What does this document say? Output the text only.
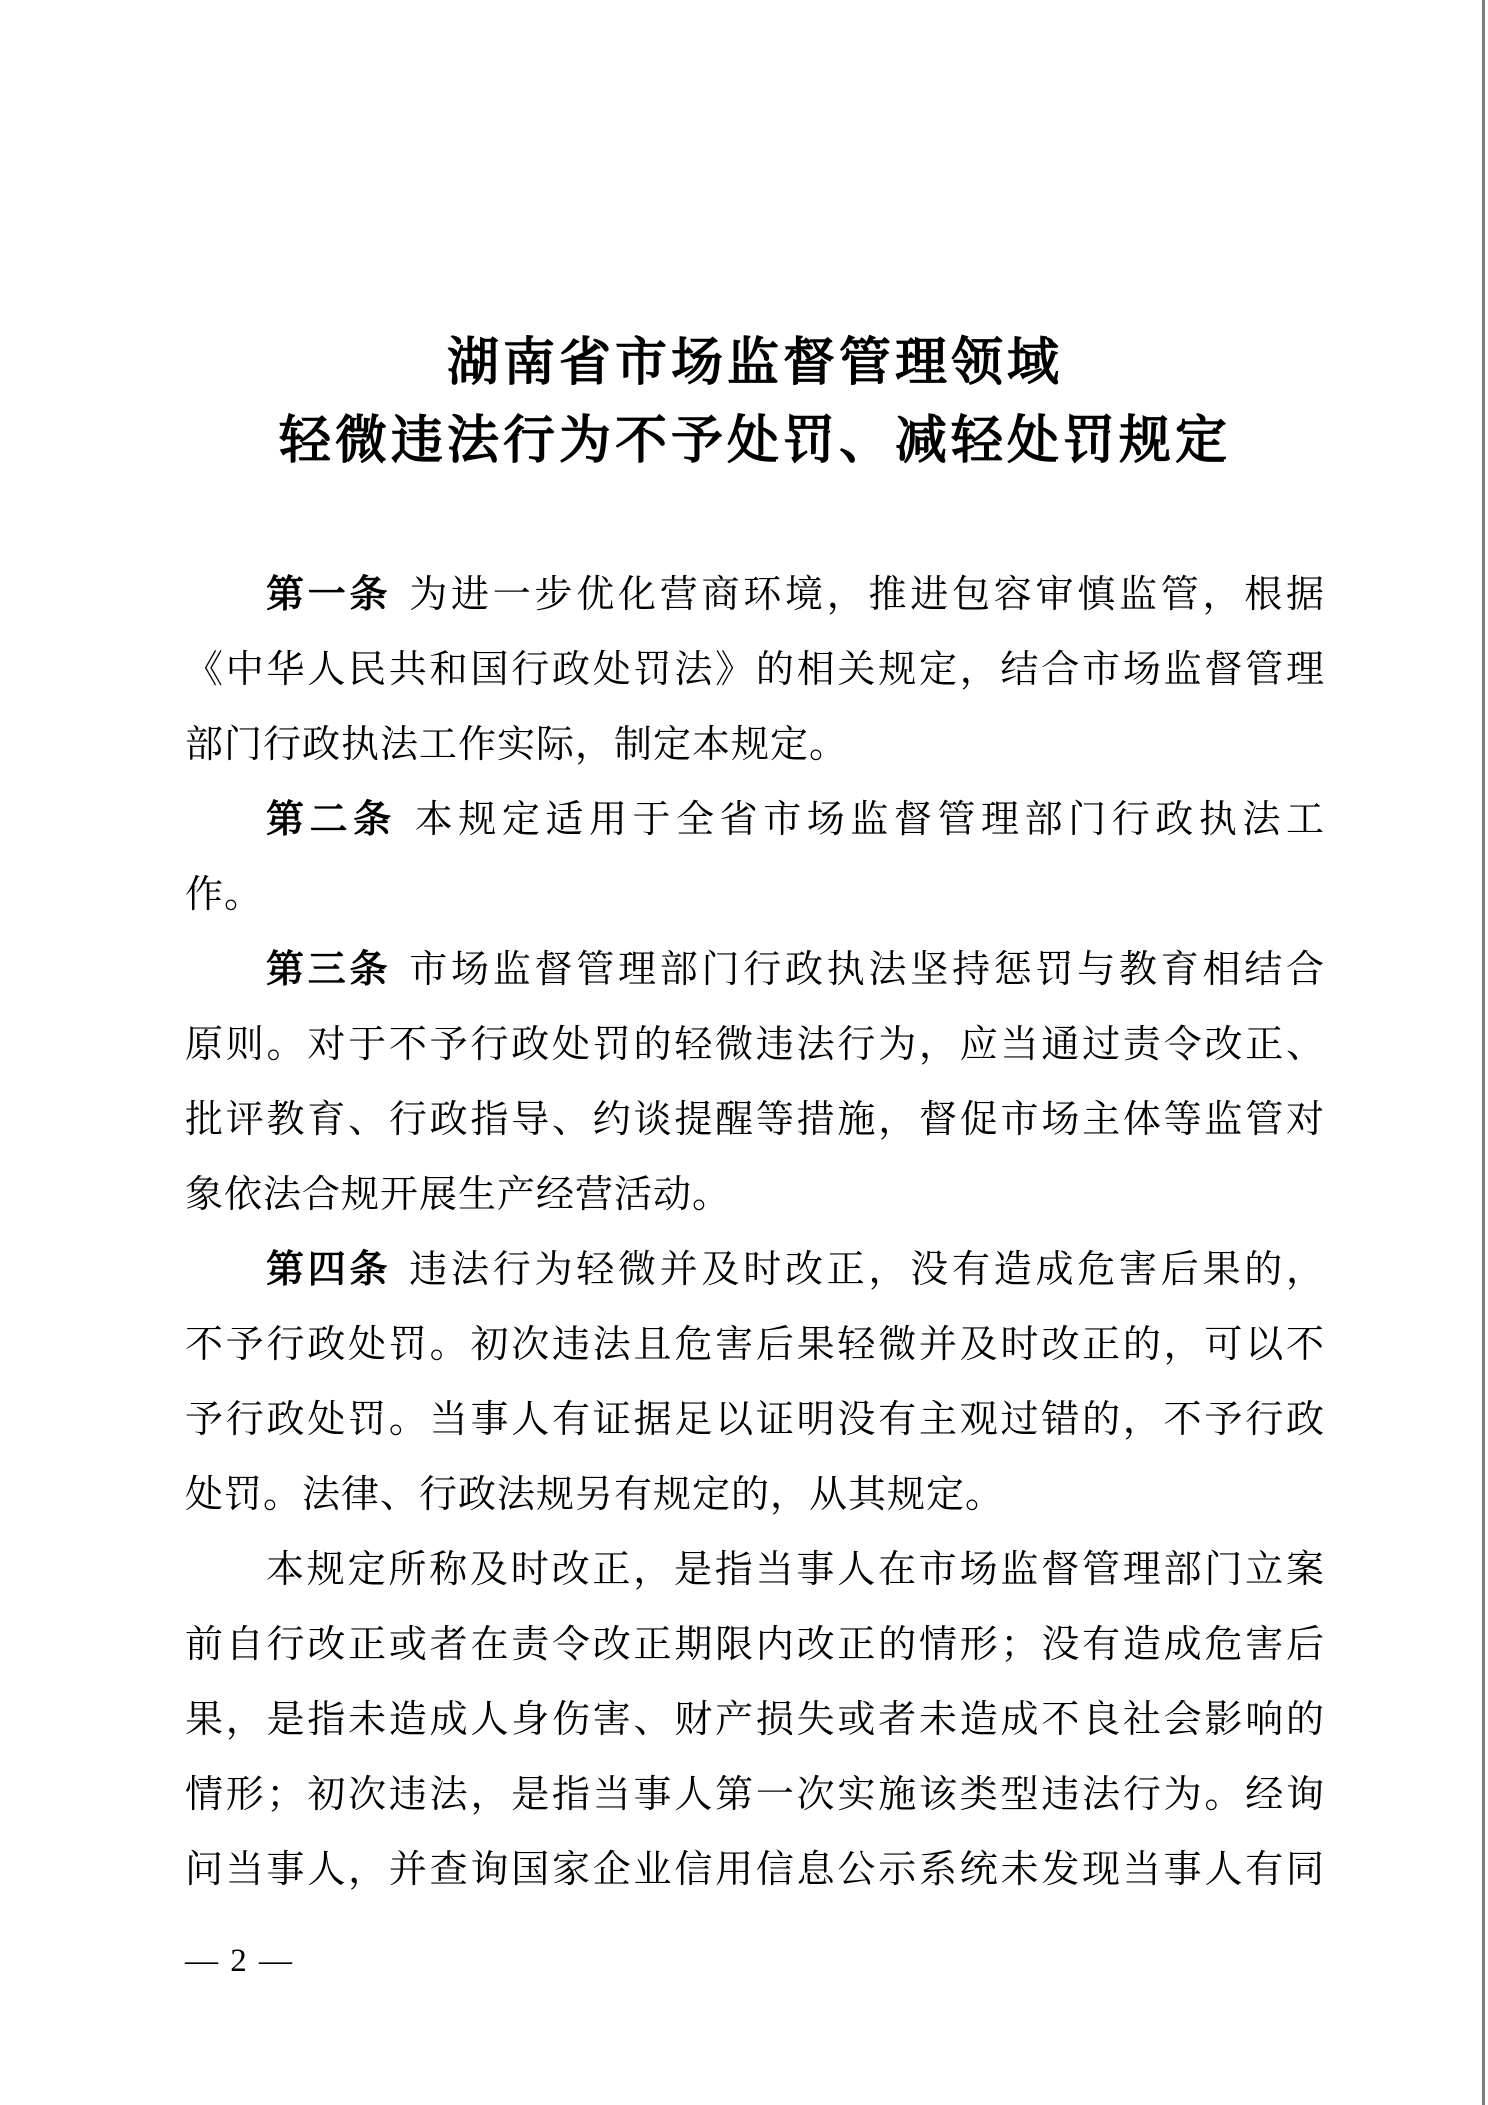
湖南省市场监督管理领域
轻微违法行为不予处罚、减轻处罚规定
第一条 为进一步优化营商环境，推进包容审慎监管，根据
《中华人民共和国行政处罚法》的相关规定，结合市场监督管理
部门行政执法工作实际，制定本规定。
第二条 本规定适用于全省市场监督管理部门行政执法工
作。
第三条 市场监督管理部门行政执法坚持惩罚与教育相结合
原则。对于不予行政处罚的轻微违法行为，应当通过责令改正、
批评教育、行政指导、约谈提醒等措施，督促市场主体等监管对
象依法合规开展生产经营活动。
第四条 违法行为轻微并及时改正，没有造成危害后果的，
不予行政处罚。初次违法且危害后果轻微并及时改正的，可以不
予行政处罚。当事人有证据足以证明没有主观过错的，不予行政
处罚。法律、行政法规另有规定的，从其规定。
本规定所称及时改正，是指当事人在市场监督管理部门立案
前自行改正或者在责令改正期限内改正的情形；没有造成危害后
果，是指未造成人身伤害、财产损失或者未造成不良社会影响的
情形；初次违法，是指当事人第一次实施该类型违法行为。经询
问当事人，并查询国家企业信用信息公示系统未发现当事人有同
— 2 —
